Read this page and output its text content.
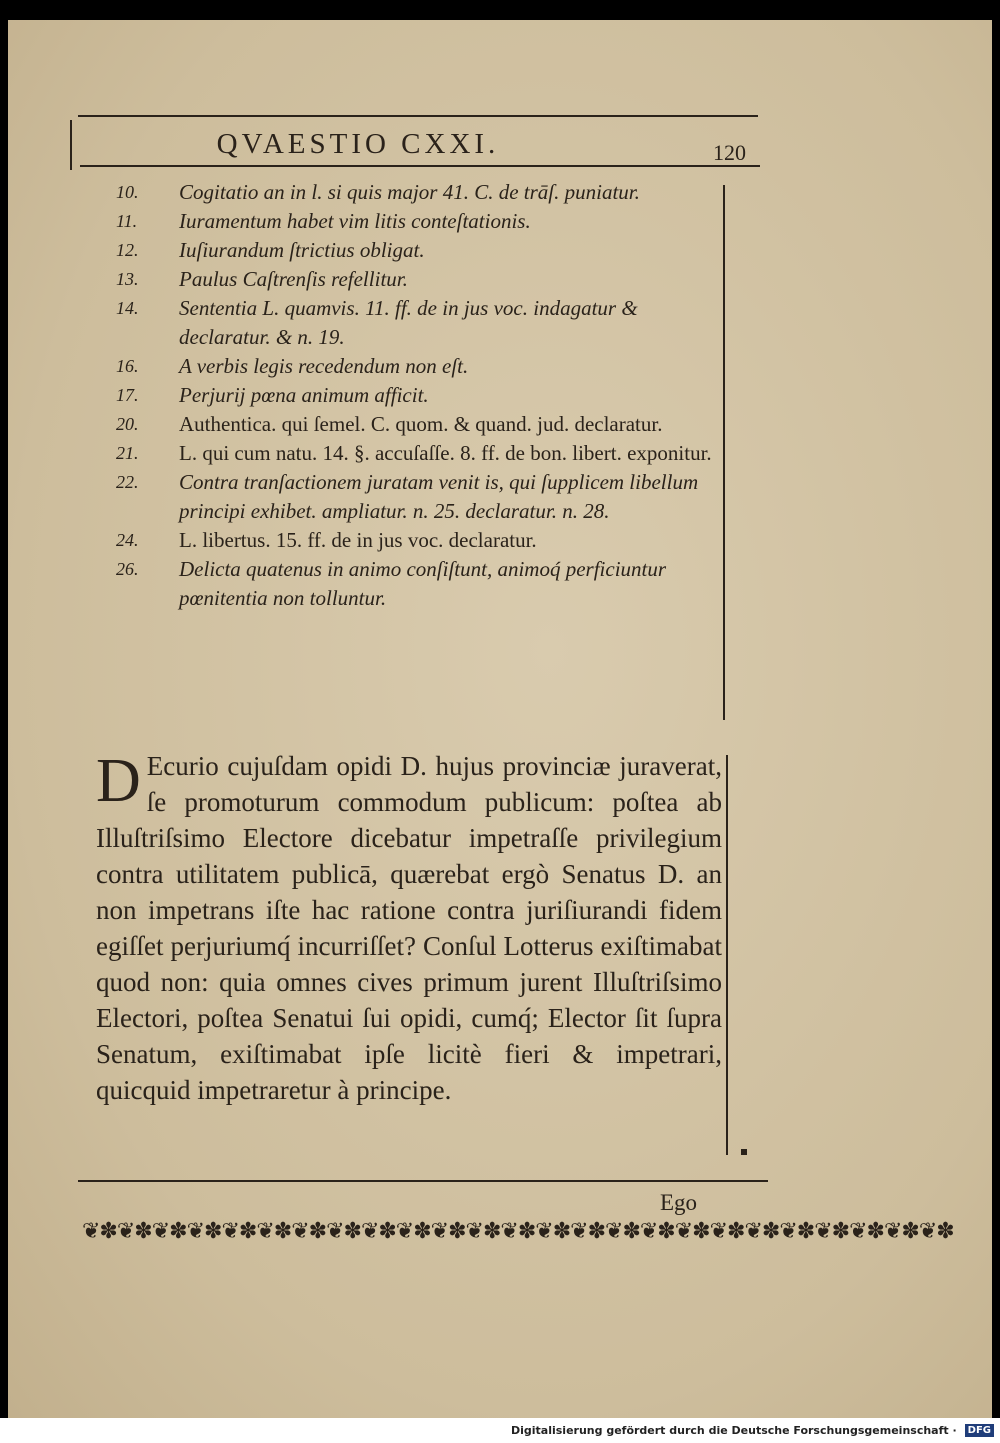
QVAESTIO CXXI.	120
10. Cogitatio an in l. si quis major 41. C. de trāſ. puniatur.
11. Iuramentum habet vim litis conteſtationis.
12. Iuſiurandum ſtrictius obligat.
13. Paulus Caſtrenſis refellitur.
14. Sententia L. quamvis. 11. ff. de in jus voc. indagatur & declaratur. & n. 19.
16. A verbis legis recedendum non eſt.
17. Perjurij pœna animum afficit.
20. Authentica. qui ſemel. C. quom. & quand. jud. declaratur.
21. L. qui cum natu. 14. §. accuſaſſe. 8. ff. de bon. libert. exponitur.
22. Contra tranſactionem juratam venit is, qui ſupplicem libellum principi exhibet. ampliatur. n. 25. declaratur. n. 28.
24. L. libertus. 15. ff. de in jus voc. declaratur.
26. Delicta quatenus in animo conſiſtunt, animoq́ perficiuntur pœnitentia non tolluntur.
D Ecurio cujuſdam opidi D. hujus provinciæ juraverat, ſe promoturum commodum publicum: poſtea ab Illuſtriſsimo Electore dicebatur impetraſſe privilegium contra utilitatem publicā, quærebat ergò Senatus D. an non impetrans iſte hac ratione contra juriſiurandi fidem egiſſet perjuriumq́ incurriſſet? Conſul Lotterus exiſtimabat quod non: quia omnes cives primum jurent Illuſtriſsimo Electori, poſtea Senatui ſui opidi, cumq́; Elector ſit ſupra Senatum, exiſtimabat ipſe licitè fieri & impetrari, quicquid impetraretur à principe.
Ego
❦✽❦✽❦✽❦✽❦✽❦✽❦✽❦✽❦✽❦✽❦✽❦✽❦✽❦✽❦✽❦✽❦✽❦✽❦✽❦✽❦✽❦✽❦✽❦✽❦✽
Digitalisierung gefördert durch die Deutsche Forschungsgemeinschaft ·	DFG
